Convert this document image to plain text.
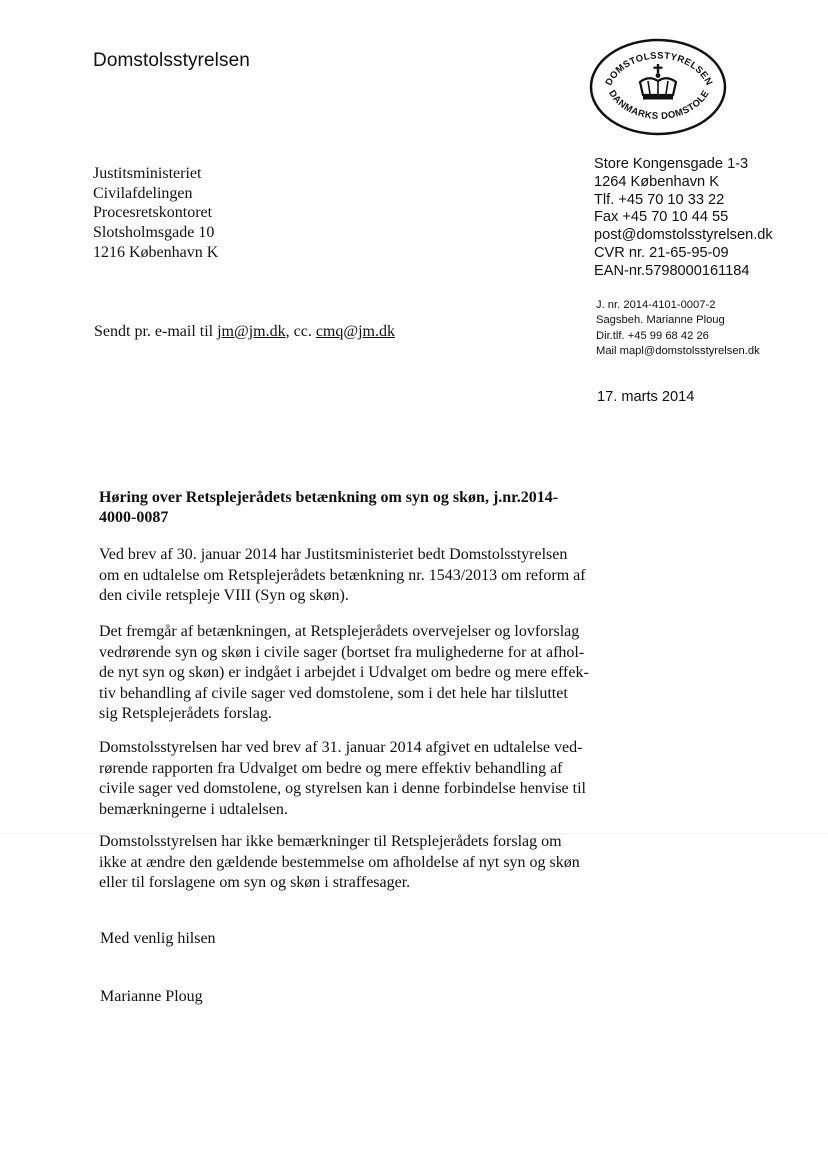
Domstolsstyrelsen
DOMSTOLSSTYRELSEN
DANMARKS DOMSTOLE
Justitsministeriet
Civilafdelingen
Procesretskontoret
Slotsholmsgade 10
1216 København K
Store Kongensgade 1-3
1264 København K
Tlf. +45 70 10 33 22
Fax +45 70 10 44 55
post@domstolsstyrelsen.dk
CVR nr. 21-65-95-09
EAN-nr.5798000161184
J. nr. 2014-4101-0007-2
Sagsbeh. Marianne Ploug
Dir.tlf. +45 99 68 42 26
Mail mapl@domstolsstyrelsen.dk
Sendt pr. e-mail til jm@jm.dk, cc. cmq@jm.dk
17. marts 2014
Høring over Retsplejerådets betænkning om syn og skøn, j.nr.2014-
4000-0087
Ved brev af 30. januar 2014 har Justitsministeriet bedt Domstolsstyrelsen
om en udtalelse om Retsplejerådets betænkning nr. 1543/2013 om reform af
den civile retspleje VIII (Syn og skøn).
Det fremgår af betænkningen, at Retsplejerådets overvejelser og lovforslag
vedrørende syn og skøn i civile sager (bortset fra mulighederne for at afhol-
de nyt syn og skøn) er indgået i arbejdet i Udvalget om bedre og mere effek-
tiv behandling af civile sager ved domstolene, som i det hele har tilsluttet
sig Retsplejerådets forslag.
Domstolsstyrelsen har ved brev af 31. januar 2014 afgivet en udtalelse ved-
rørende rapporten fra Udvalget om bedre og mere effektiv behandling af
civile sager ved domstolene, og styrelsen kan i denne forbindelse henvise til
bemærkningerne i udtalelsen.
Domstolsstyrelsen har ikke bemærkninger til Retsplejerådets forslag om
ikke at ændre den gældende bestemmelse om afholdelse af nyt syn og skøn
eller til forslagene om syn og skøn i straffesager.
Med venlig hilsen
Marianne Ploug
